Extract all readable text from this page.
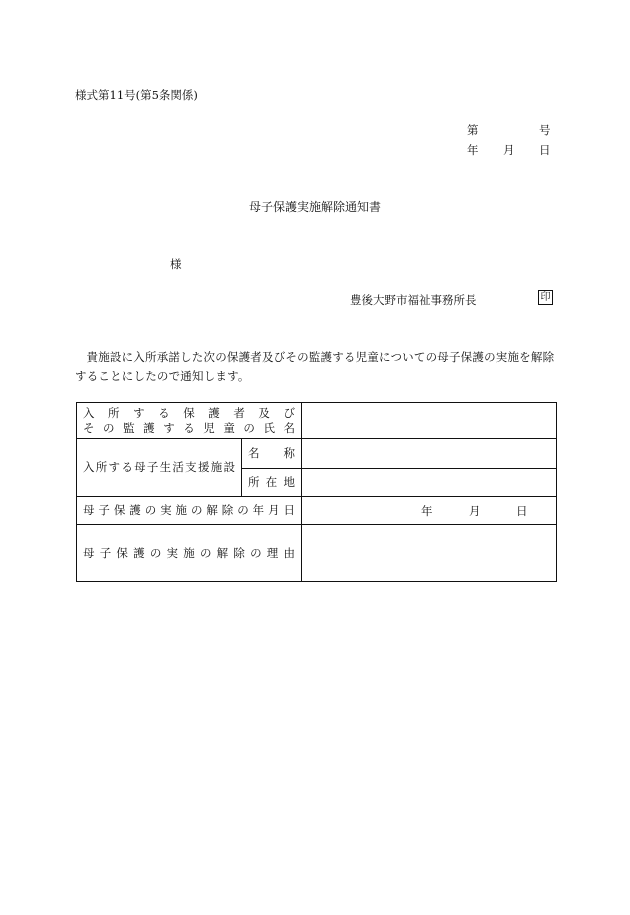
様式第11号(第5条関係)
第	号
年 月 日
母子保護実施解除通知書
様
豊後大野市福祉事務所長	印
貴施設に入所承諾した次の保護者及びその監護する児童についての母子保護の実施を解除することにしたので通知します。
入所する保護者及び
その監護する児童の氏名		

入所する母子生活支援施設	名　称	

	所在地	

母子保護の実施の解除の年月日		年 月 日

母子保護の実施の解除の理由		
